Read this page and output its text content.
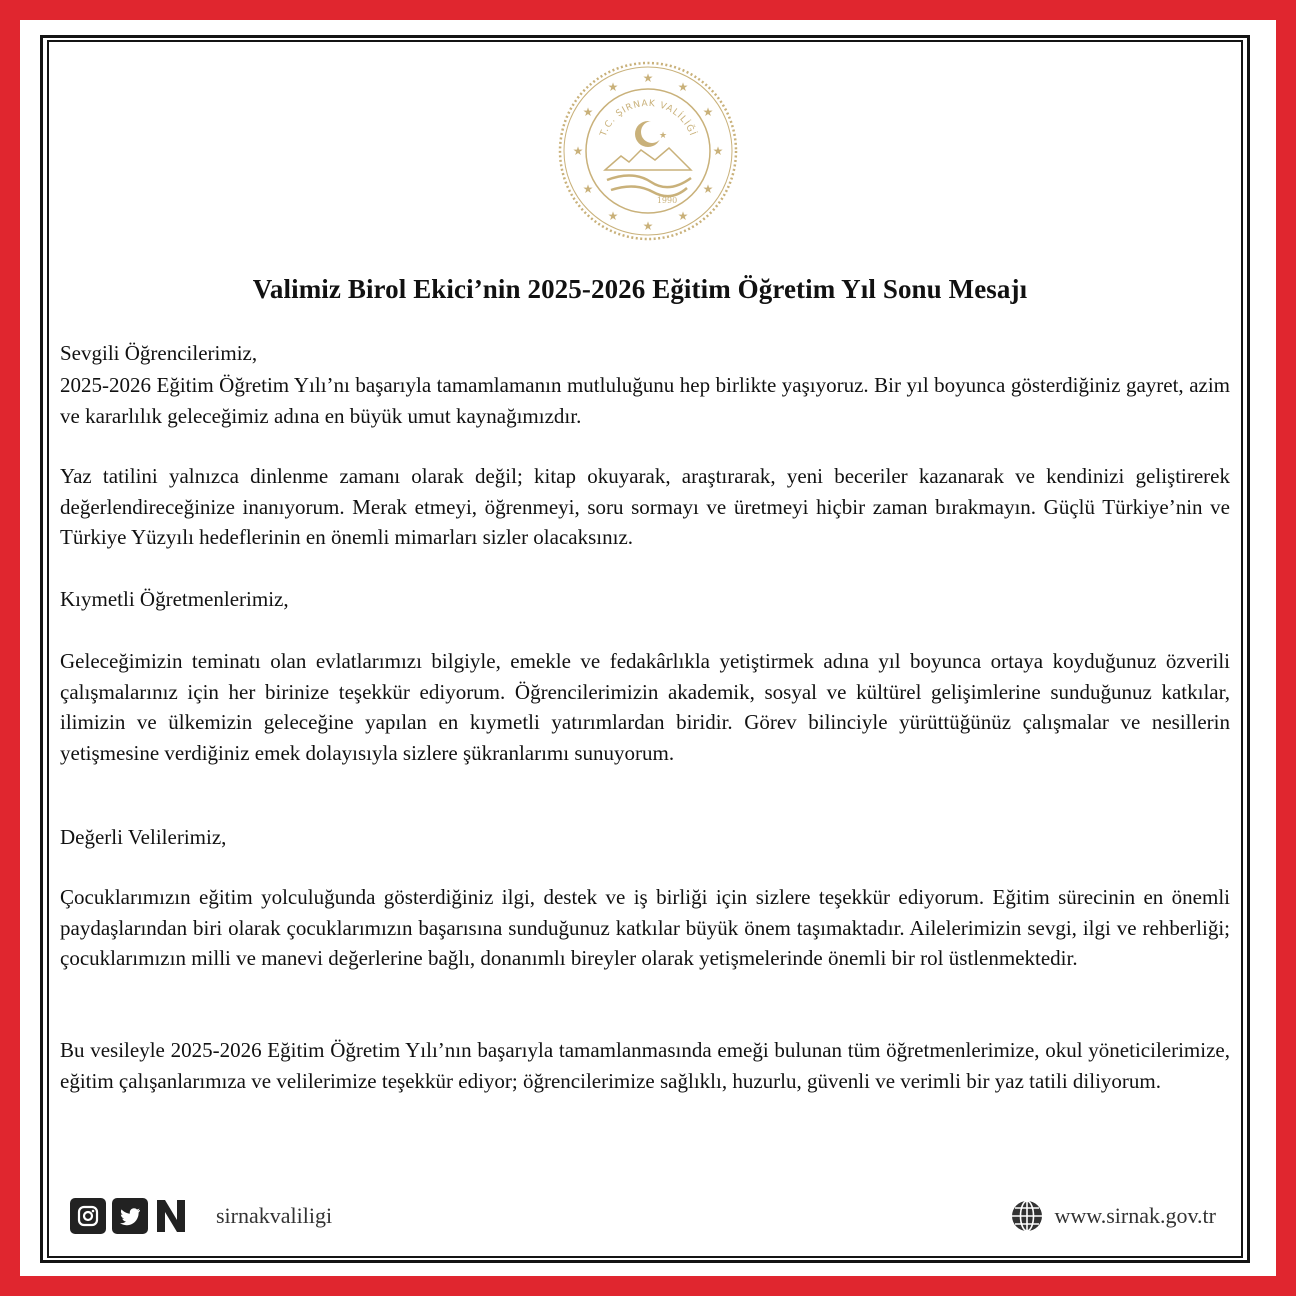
★
★
★
★
★
★
★
★
★
★
★
★
T.C. ŞIRNAK VALİLİĞİ
★
1990
Valimiz Birol Ekici’nin 2025-2026 Eğitim Öğretim Yıl Sonu Mesajı

Sevgili Öğrencilerimiz,

2025-2026 Eğitim Öğretim Yılı’nı başarıyla tamamlamanın mutluluğunu hep birlikte yaşıyoruz. Bir yıl boyunca gösterdiğiniz gayret, azim ve kararlılık geleceğimiz adına en büyük umut kaynağımızdır.

Yaz tatilini yalnızca dinlenme zamanı olarak değil; kitap okuyarak, araştırarak, yeni beceriler kazanarak ve kendinizi geliştirerek değerlendireceğinize inanıyorum. Merak etmeyi, öğrenmeyi, soru sormayı ve üretmeyi hiçbir zaman bırakmayın. Güçlü Türkiye’nin ve Türkiye Yüzyılı hedeflerinin en önemli mimarları sizler olacaksınız.

Kıymetli Öğretmenlerimiz,

Geleceğimizin teminatı olan evlatlarımızı bilgiyle, emekle ve fedakârlıkla yetiştirmek adına yıl boyunca ortaya koyduğunuz özverili çalışmalarınız için her birinize teşekkür ediyorum. Öğrencilerimizin akademik, sosyal ve kültürel gelişimlerine sunduğunuz katkılar, ilimizin ve ülkemizin geleceğine yapılan en kıymetli yatırımlardan biridir. Görev bilinciyle yürüttüğünüz çalışmalar ve nesillerin yetişmesine verdiğiniz emek dolayısıyla sizlere şükranlarımı sunuyorum.

Değerli Velilerimiz,

Çocuklarımızın eğitim yolculuğunda gösterdiğiniz ilgi, destek ve iş birliği için sizlere teşekkür ediyorum. Eğitim sürecinin en önemli paydaşlarından biri olarak çocuklarımızın başarısına sunduğunuz katkılar büyük önem taşımaktadır. Ailelerimizin sevgi, ilgi ve rehberliği; çocuklarımızın milli ve manevi değerlerine bağlı, donanımlı bireyler olarak yetişmelerinde önemli bir rol üstlenmektedir.

Bu vesileyle 2025-2026 Eğitim Öğretim Yılı’nın başarıyla tamamlanmasında emeği bulunan tüm öğretmenlerimize, okul yöneticilerimize, eğitim çalışanlarımıza ve velilerimize teşekkür ediyor; öğrencilerimize sağlıklı, huzurlu, güvenli ve verimli bir yaz tatili diliyorum.

sirnakvaliligi	www.sirnak.gov.tr
